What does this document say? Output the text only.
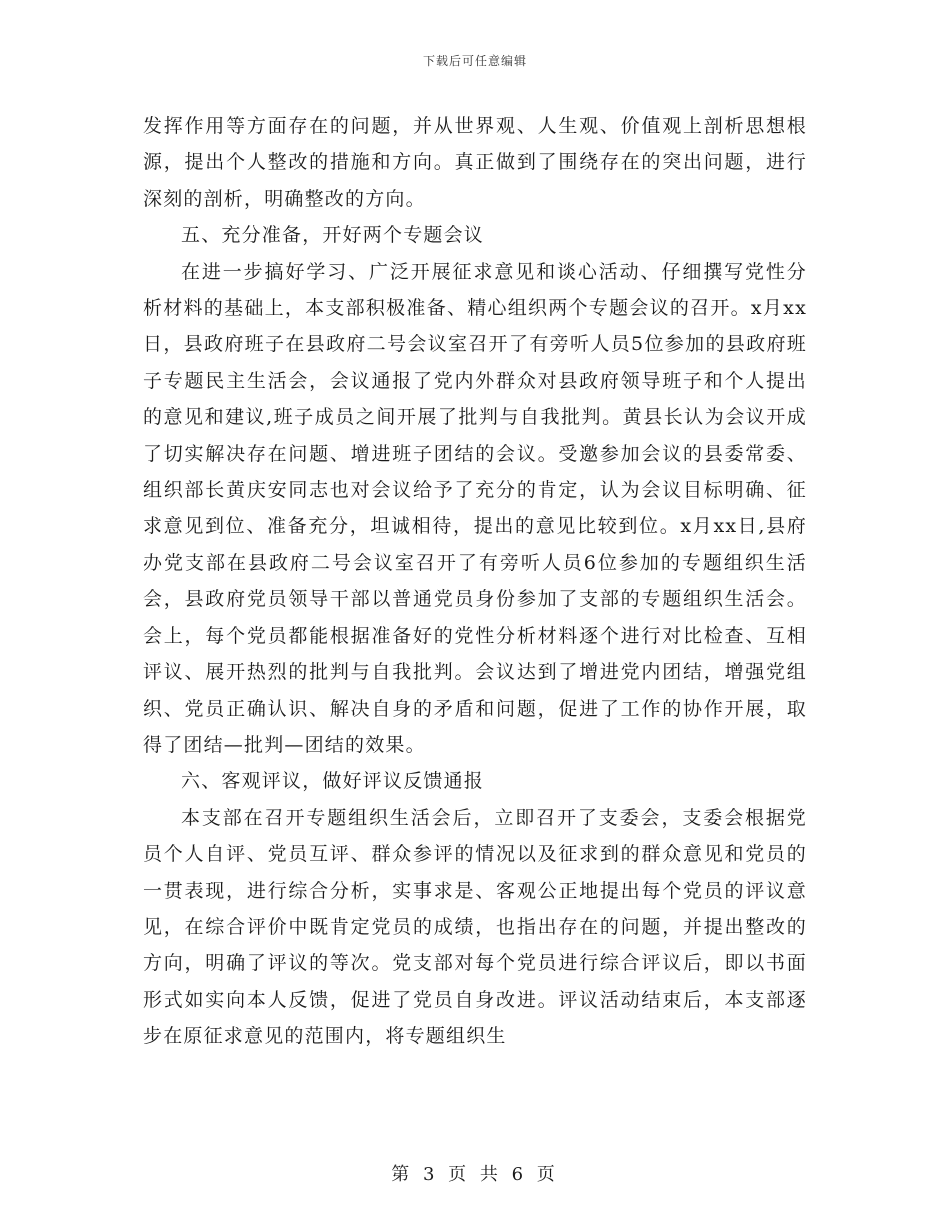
下载后可任意编辑

发挥作用等方面存在的问题，并从世界观、人生观、价值观上剖析思想根源，提出个人整改的措施和方向。真正做到了围绕存在的突出问题，进行深刻的剖析，明确整改的方向。

五、充分准备，开好两个专题会议

在进一步搞好学习、广泛开展征求意见和谈心活动、仔细撰写党性分析材料的基础上，本支部积极准备、精心组织两个专题会议的召开。x月xx日，县政府班子在县政府二号会议室召开了有旁听人员5位参加的县政府班子专题民主生活会，会议通报了党内外群众对县政府领导班子和个人提出的意见和建议,班子成员之间开展了批判与自我批判。黄县长认为会议开成了切实解决存在问题、增进班子团结的会议。受邀参加会议的县委常委、组织部长黄庆安同志也对会议给予了充分的肯定，认为会议目标明确、征求意见到位、准备充分，坦诚相待，提出的意见比较到位。x月xx日,县府办党支部在县政府二号会议室召开了有旁听人员6位参加的专题组织生活会，县政府党员领导干部以普通党员身份参加了支部的专题组织生活会。会上，每个党员都能根据准备好的党性分析材料逐个进行对比检查、互相评议、展开热烈的批判与自我批判。会议达到了增进党内团结，增强党组织、党员正确认识、解决自身的矛盾和问题，促进了工作的协作开展，取得了团结—批判—团结的效果。

六、客观评议，做好评议反馈通报

本支部在召开专题组织生活会后，立即召开了支委会，支委会根据党员个人自评、党员互评、群众参评的情况以及征求到的群众意见和党员的一贯表现，进行综合分析，实事求是、客观公正地提出每个党员的评议意见，在综合评价中既肯定党员的成绩，也指出存在的问题，并提出整改的方向，明确了评议的等次。党支部对每个党员进行综合评议后，即以书面形式如实向本人反馈，促进了党员自身改进。评议活动结束后，本支部逐步在原征求意见的范围内，将专题组织生

第 3 页 共 6 页
